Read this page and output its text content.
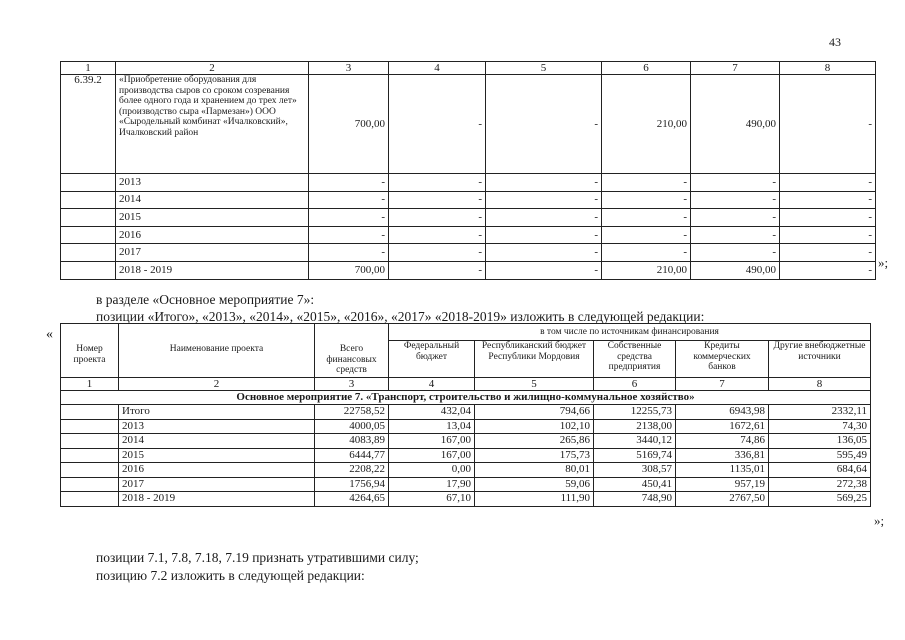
43
1	2	3	4	5	6	7	8
6.39.2	«Приобретение оборудования для производства сыров со сроком созревания более одного года и хранением до трех лет» (производство сыра «Пармезан») ООО «Сыродельный комбинат «Ичалковский», Ичалковский район	700,00	-	-	210,00	490,00	-
	2013	-	-	-	-	-	-
	2014	-	-	-	-	-	-
	2015	-	-	-	-	-	-
	2016	-	-	-	-	-	-
	2017	-	-	-	-	-	-
	2018 - 2019	700,00	-	-	210,00	490,00	- »;
в разделе «Основное мероприятие 7»:
позиции «Итого», «2013», «2014», «2015», «2016», «2017» «2018-2019» изложить в следующей редакции:
«
Номер проекта	Наименование проекта	Всего финансовых средств	в том числе по источникам финансирования				
			Федеральный бюджет	Республиканский бюджет Республики Мордовия	Собственные средства предприятия	Кредиты коммерческих банков	Другие внебюджетные источники
1	2	3	4	5	6	7	8
Основное мероприятие 7. «Транспорт, строительство и жилищно-коммунальное хозяйство»							
	Итого	22758,52	432,04	794,66	12255,73	6943,98	2332,11
	2013	4000,05	13,04	102,10	2138,00	1672,61	74,30
	2014	4083,89	167,00	265,86	3440,12	74,86	136,05
	2015	6444,77	167,00	175,73	5169,74	336,81	595,49
	2016	2208,22	0,00	80,01	308,57	1135,01	684,64
	2017	1756,94	17,90	59,06	450,41	957,19	272,38
	2018 - 2019	4264,65	67,10	111,90	748,90	2767,50	569,25
»;
позиции 7.1, 7.8, 7.18, 7.19 признать утратившими силу;
позицию 7.2 изложить в следующей редакции:
